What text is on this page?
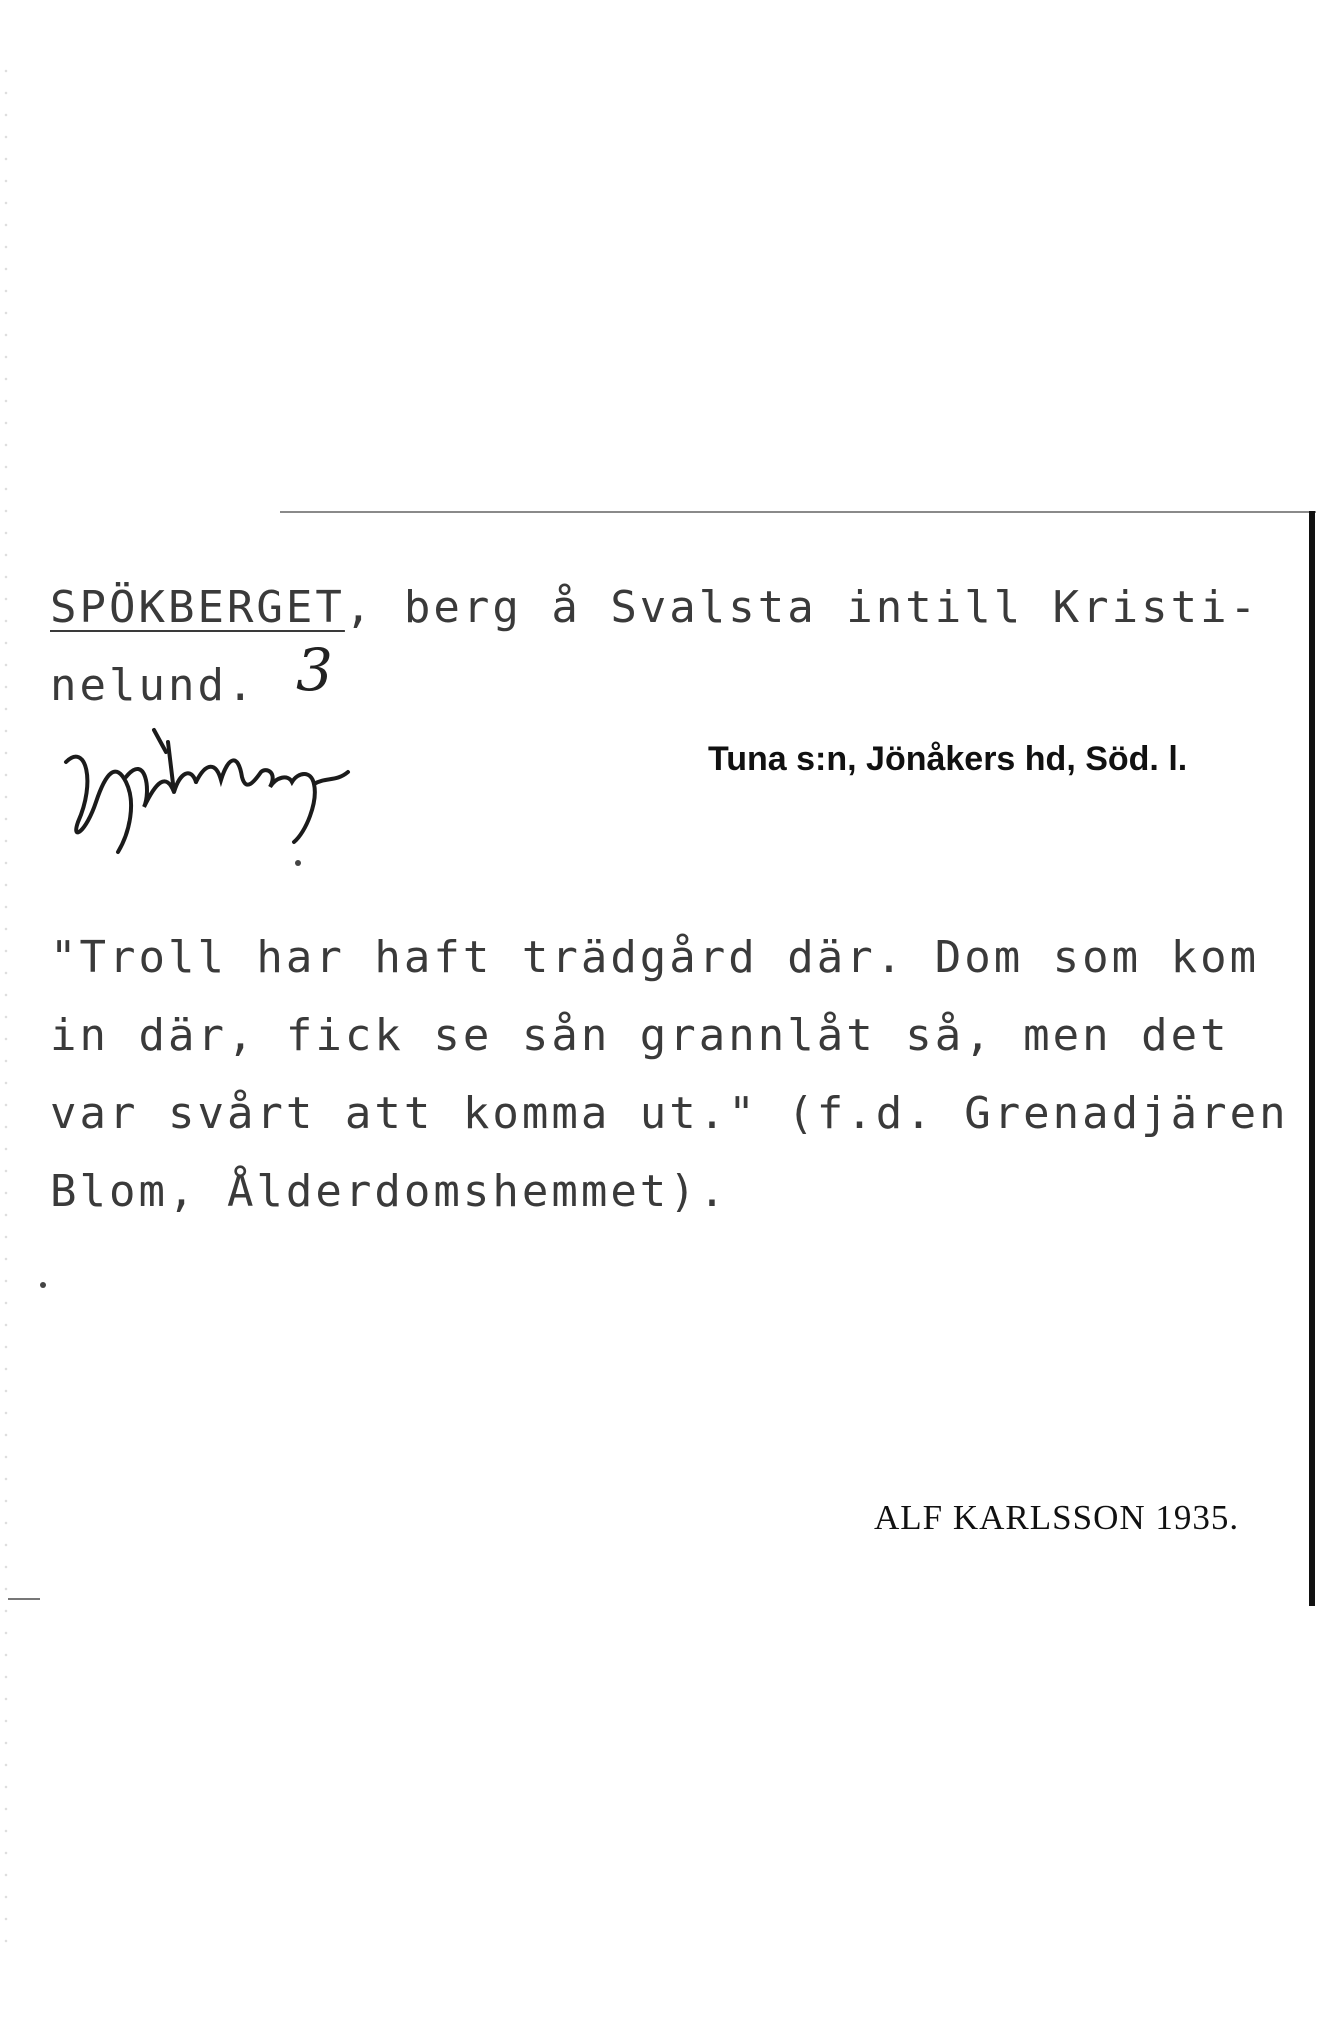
SPÖKBERGET, berg å Svalsta intill Kristi-
nelund. 3
Tuna s:n, Jönåkers hd, Söd. l.
"Troll har haft trädgård där. Dom som kom
in där, fick se sån grannlåt så, men det
var svårt att komma ut." (f.d. Grenadjären
Blom, Ålderdomshemmet).
ALF KARLSSON 1935.
